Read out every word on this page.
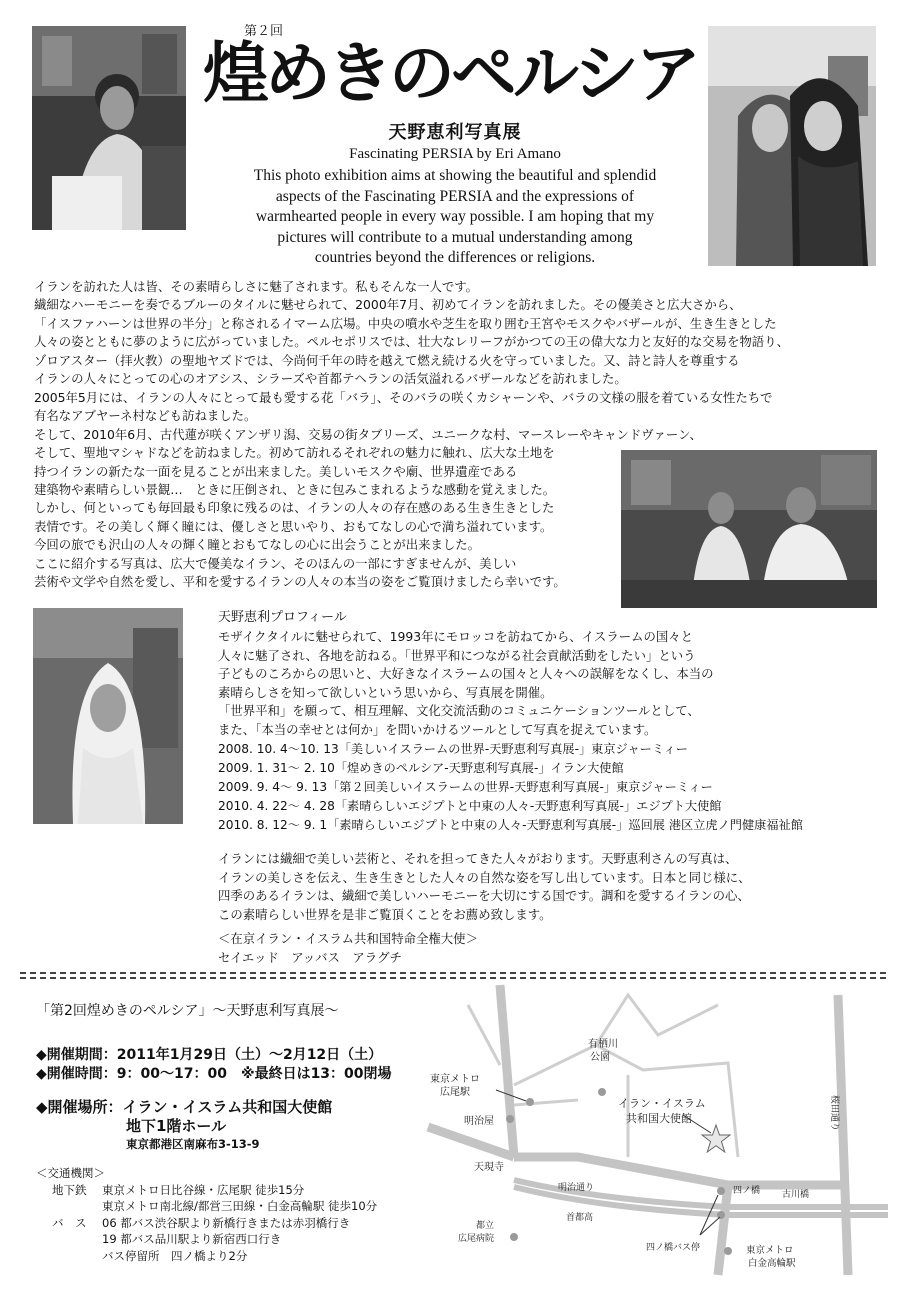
第２回
煌めきのペルシア
天野恵利写真展
Fascinating PERSIA by Eri Amano
This photo exhibition aims at showing the beautiful and splendid
aspects of the Fascinating PERSIA and the expressions of
warmhearted people in every way possible. I am hoping that my
pictures will contribute to a mutual understanding among
countries beyond the differences or religions.
イランを訪れた人は皆、その素晴らしさに魅了されます。私もそんな一人です。
繊細なハーモニーを奏でるブルーのタイルに魅せられて、2000年7月、初めてイランを訪れました。その優美さと広大さから、
「イスファハーンは世界の半分」と称されるイマーム広場。中央の噴水や芝生を取り囲む王宮やモスクやバザールが、生き生きとした
人々の姿とともに夢のように広がっていました。ペルセポリスでは、壮大なレリーフがかつての王の偉大な力と友好的な交易を物語り、
ゾロアスター（拝火教）の聖地ヤズドでは、今尚何千年の時を越えて燃え続ける火を守っていました。又、詩と詩人を尊重する
イランの人々にとっての心のオアシス、シラーズや首都テヘランの活気溢れるバザールなどを訪れました。
2005年5月には、イランの人々にとって最も愛する花「バラ」、そのバラの咲くカシャーンや、バラの文様の服を着ている女性たちで
有名なアブヤーネ村なども訪ねました。
そして、2010年6月、古代蓮が咲くアンザリ潟、交易の街タブリーズ、ユニークな村、マースレーやキャンドヴァーン、
そして、聖地マシャドなどを訪ねました。初めて訪れるそれぞれの魅力に触れ、広大な土地を
持つイランの新たな一面を見ることが出来ました。美しいモスクや廟、世界遺産である
建築物や素晴らしい景観…　ときに圧倒され、ときに包みこまれるような感動を覚えました。
しかし、何といっても毎回最も印象に残るのは、イランの人々の存在感のある生き生きとした
表情です。その美しく輝く瞳には、優しさと思いやり、おもてなしの心で満ち溢れています。
今回の旅でも沢山の人々の輝く瞳とおもてなしの心に出会うことが出来ました。
ここに紹介する写真は、広大で優美なイラン、そのほんの一部にすぎませんが、美しい
芸術や文学や自然を愛し、平和を愛するイランの人々の本当の姿をご覧頂けましたら幸いです。
天野恵利プロフィール
モザイクタイルに魅せられて、1993年にモロッコを訪ねてから、イスラームの国々と
人々に魅了され、各地を訪ねる。「世界平和につながる社会貢献活動をしたい」という
子どものころからの思いと、大好きなイスラームの国々と人々への誤解をなくし、本当の
素晴らしさを知って欲しいという思いから、写真展を開催。
「世界平和」を願って、相互理解、文化交流活動のコミュニケーションツールとして、
また、「本当の幸せとは何か」を問いかけるツールとして写真を捉えています。
2008. 10. 4～10. 13「美しいイスラームの世界-天野恵利写真展-」東京ジャーミィー
2009. 1. 31～ 2. 10「煌めきのペルシア-天野恵利写真展-」イラン大使館
2009. 9. 4～ 9. 13「第２回美しいイスラームの世界-天野恵利写真展-」東京ジャーミィー
2010. 4. 22～ 4. 28「素晴らしいエジプトと中東の人々-天野恵利写真展-」エジプト大使館
2010. 8. 12～ 9. 1「素晴らしいエジプトと中東の人々-天野恵利写真展-」巡回展 港区立虎ノ門健康福祉館
イランには繊細で美しい芸術と、それを担ってきた人々がおります。天野恵利さんの写真は、
イランの美しさを伝え、生き生きとした人々の自然な姿を写し出しています。日本と同じ様に、
四季のあるイランは、繊細で美しいハーモニーを大切にする国です。調和を愛するイランの心、
この素晴らしい世界を是非ご覧頂くことをお薦め致します。
＜在京イラン・イスラム共和国特命全権大使＞
セイエッド　アッバス　アラグチ
「第2回煌めきのペルシア」～天野恵利写真展～
◆開催期間：2011年1月29日（土）～2月12日（土）
◆開催時間：9：00～17：00　※最終日は13：00閉場
◆開催場所：イラン・イスラム共和国大使館
地下1階ホール
東京都港区南麻布3-13-9
＜交通機関＞
地下鉄 東京メトロ日比谷線・広尾駅 徒歩15分
東京メトロ南北線/都営三田線・白金高輪駅 徒歩10分
バ　ス 06 都バス渋谷駅より新橋行きまたは赤羽橋行き
19 都バス品川駅より新宿西口行き
バス停留所　四ノ橋より2分
有栖川
公園
東京メトロ
広尾駅
明治屋
イラン・イスラム
共和国大使館	桜田通り
天現寺
明治通り	四ノ橋 古川橋
首都高
都立
広尾病院
四ノ橋バス停	東京メトロ
白金高輪駅
